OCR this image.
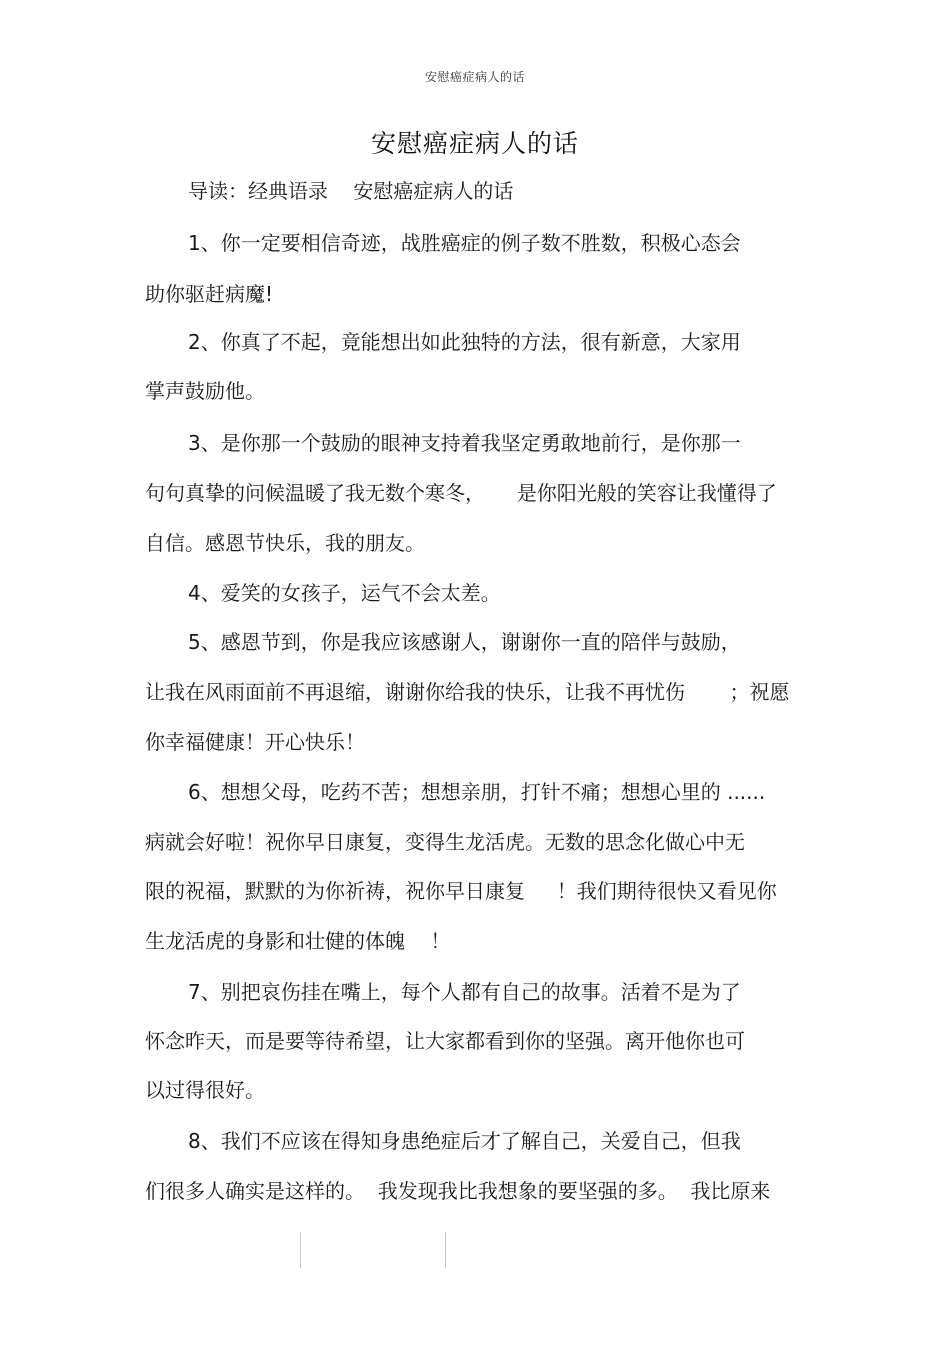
安慰癌症病人的话
安慰癌症病人的话
导读：经典语录    安慰癌症病人的话
1、你一定要相信奇迹，战胜癌症的例子数不胜数，积极心态会
助你驱赶病魔!
2、你真了不起，竟能想出如此独特的方法，很有新意，大家用
掌声鼓励他。
3、是你那一个鼓励的眼神支持着我坚定勇敢地前行，是你那一
句句真挚的问候温暖了我无数个寒冬，     是你阳光般的笑容让我懂得了
自信。感恩节快乐，我的朋友。
4、爱笑的女孩子，运气不会太差。
5、感恩节到，你是我应该感谢人，谢谢你一直的陪伴与鼓励，
让我在风雨面前不再退缩，谢谢你给我的快乐，让我不再忧伤       ；祝愿
你幸福健康！开心快乐！
6、想想父母，吃药不苦；想想亲朋，打针不痛；想想心里的 ......
病就会好啦！祝你早日康复，变得生龙活虎。无数的思念化做心中无
限的祝福，默默的为你祈祷，祝你早日康复     ！我们期待很快又看见你
生龙活虎的身影和壮健的体魄    ！
7、别把哀伤挂在嘴上，每个人都有自己的故事。活着不是为了
怀念昨天，而是要等待希望，让大家都看到你的坚强。离开他你也可
以过得很好。
8、我们不应该在得知身患绝症后才了解自己，关爱自己，但我
们很多人确实是这样的。  我发现我比我想象的要坚强的多。  我比原来
